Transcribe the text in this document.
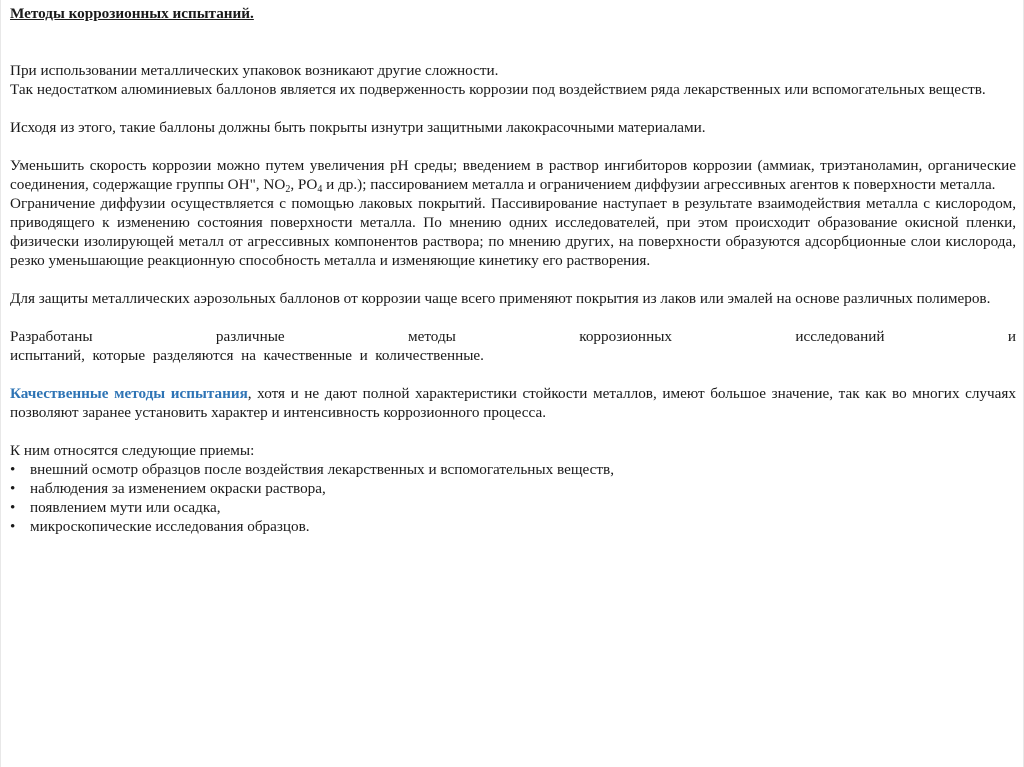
Методы коррозионных испытаний.

При использовании металлических упаковок возникают другие сложности.

Так недостатком алюминиевых баллонов является их подверженность коррозии под воздействием ряда лекарственных или вспомогательных веществ.

Исходя из этого, такие баллоны должны быть покрыты изнутри защитными лакокрасочными материалами.

Уменьшить скорость коррозии можно путем увеличения pH среды; введением в раствор ингибиторов коррозии (аммиак, триэтаноламин, органические соединения, содержащие группы OH", $NO_2$, $PO_4$ и др.); пассированием металла и ограничением диффузии агрессивных агентов к поверхности металла.

Ограничение диффузии осуществляется с помощью лаковых покрытий. Пассивирование наступает в результате взаимодействия металла с кислородом, приводящего к изменению состояния поверхности металла. По мнению одних исследователей, при этом происходит образование окисной пленки, физически изолирующей металл от агрессивных компонентов раствора; по мнению других, на поверхности образуются адсорбционные слои кислорода, резко уменьшающие реакционную способность металла и изменяющие кинетику его растворения.

Для защиты металлических аэрозольных баллонов от коррозии чаще всего применяют покрытия из лаков или эмалей на основе различных полимеров.

Разработаны	различные	методы	коррозионных	исследований	и

испытаний,  которые  разделяются  на  качественные  и  количественные.

Качественные методы испытания, хотя и не дают полной характеристики стойкости металлов, имеют большое значение, так как во многих случаях позволяют заранее установить характер и интенсивность коррозионного процесса.

К ним относятся следующие приемы:

• внешний осмотр образцов после воздействия лекарственных и вспомогательных веществ,
• наблюдения за изменением окраски раствора,
• появлением мути или осадка,
• микроскопические исследования образцов.
